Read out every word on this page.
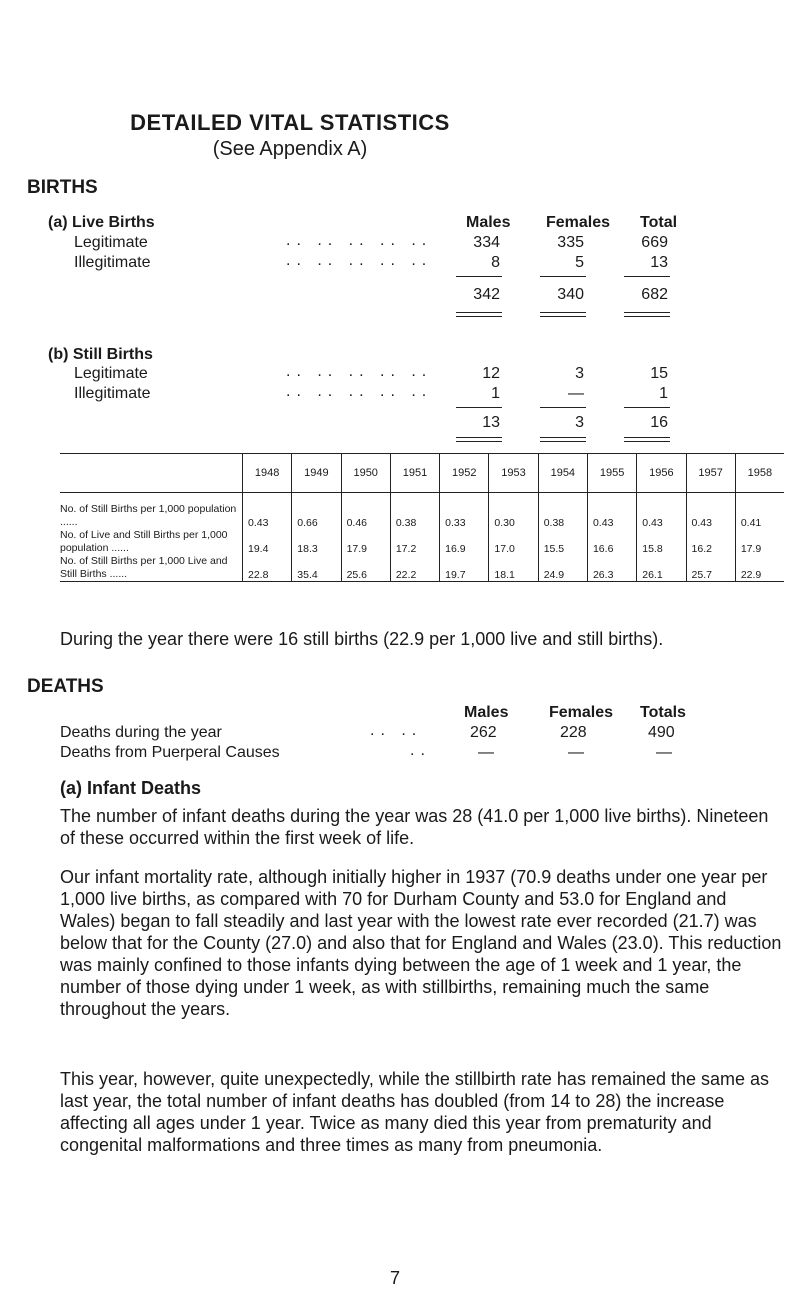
DETAILED VITAL STATISTICS
(See Appendix A)
BIRTHS
(a) Live Births	Males Females Total
Legitimate	.. .. .. .. ..	334	335	669
Illegitimate	.. .. .. .. ..	8	5	13
342	340	682
(b) Still Births
Legitimate	.. .. .. .. ..	12	3	15
Illegitimate	.. .. .. .. ..	1	—	1
13	3	16
	1948	1949	1950	1951	1952	1953	1954	1955	1956	1957	1958
No. of Still Births per 1,000 population ......	0.43	0.66	0.46	0.38	0.33	0.30	0.38	0.43	0.43	0.43	0.41
No. of Live and Still Births per 1,000 population ......	19.4	18.3	17.9	17.2	16.9	17.0	15.5	16.6	15.8	16.2	17.9
No. of Still Births per 1,000 Live and Still Births ......	22.8	35.4	25.6	22.2	19.7	18.1	24.9	26.3	26.1	25.7	22.9
During the year there were 16 still births (22.9 per 1,000 live and still births).
DEATHS
Males	Females Totals
Deaths during the year	.. ..	262	228	490
Deaths from Puerperal Causes	..	—	—	—
(a) Infant Deaths
The number of infant deaths during the year was 28 (41.0 per 1,000 live births). Nineteen of these occurred within the first week of life.
Our infant mortality rate, although initially higher in 1937 (70.9 deaths under one year per 1,000 live births, as compared with 70 for Durham County and 53.0 for England and Wales) began to fall steadily and last year with the lowest rate ever recorded (21.7) was below that for the County (27.0) and also that for England and Wales (23.0). This reduction was mainly confined to those infants dying between the age of 1 week and 1 year, the number of those dying under 1 week, as with stillbirths, remaining much the same throughout the years.
This year, however, quite unexpectedly, while the stillbirth rate has remained the same as last year, the total number of infant deaths has doubled (from 14 to 28) the increase affecting all ages under 1 year. Twice as many died this year from prematurity and congenital malformations and three times as many from pneumonia.
7
